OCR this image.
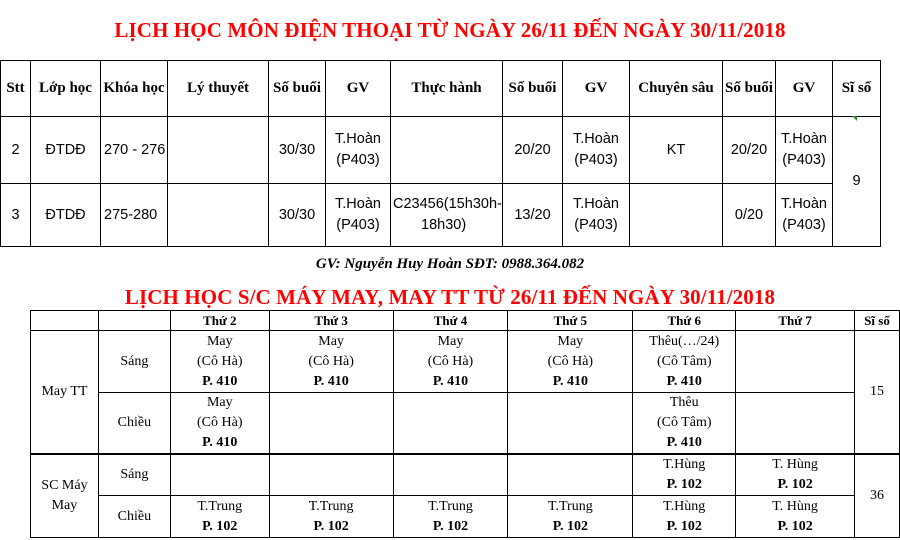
LỊCH HỌC MÔN ĐIỆN THOẠI TỪ NGÀY 26/11 ĐẾN NGÀY 30/11/2018
Stt	Lớp học	Khóa học	Lý thuyết	Số buổi	GV	Thực hành	Số buổi	GV	Chuyên sâu	Số buổi	GV	Sĩ số
2	ĐTDĐ	270 - 276		30/30	T.Hoàn
(P403)		20/20	T.Hoàn
(P403)	KT	20/20	T.Hoàn
(P403)	9
3	ĐTDĐ	275-280		30/30	T.Hoàn
(P403)	C23456(15h30h-
18h30)	13/20	T.Hoàn
(P403)		0/20	T.Hoàn
(P403)	
GV: Nguyễn Huy Hoàn SĐT: 0988.364.082
LỊCH HỌC S/C MÁY MAY, MAY TT TỪ 26/11 ĐẾN NGÀY 30/11/2018
		Thứ 2	Thứ 3	Thứ 4	Thứ 5	Thứ 6	Thứ 7	Sĩ số
May TT	Sáng	May
(Cô Hà)
P. 410	May
(Cô Hà)
P. 410	May
(Cô Hà)
P. 410	May
(Cô Hà)
P. 410	Thêu(…/24)
(Cô Tâm)
P. 410		15
	Chiều	May
(Cô Hà)
P. 410				Thêu
(Cô Tâm)
P. 410		

SC Máy May	Sáng					T.Hùng
P. 102	T. Hùng
P. 102	36
	Chiều	T.Trung
P. 102	T.Trung
P. 102	T.Trung
P. 102	T.Trung
P. 102	T.Hùng
P. 102	T. Hùng
P. 102	
